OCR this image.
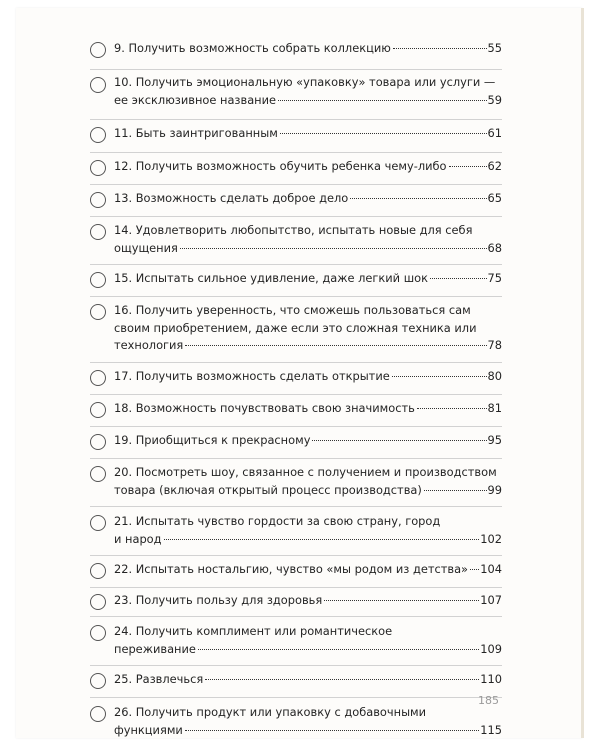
9. Получить возможность собрать коллекцию	55
10. Получить эмоциональную «упаковку» товара или услуги —
ее эксклюзивное название	59
11. Быть заинтригованным	61
12. Получить возможность обучить ребенка чему-либо	62
13. Возможность сделать доброе дело	65
14. Удовлетворить любопытство, испытать новые для себя
ощущения	68
15. Испытать сильное удивление, даже легкий шок	75
16. Получить уверенность, что сможешь пользоваться сам
своим приобретением, даже если это сложная техника или
технология	78
17. Получить возможность сделать открытие	80
18. Возможность почувствовать свою значимость	81
19. Приобщиться к прекрасному	95
20. Посмотреть шоу, связанное с получением и производством
товара (включая открытый процесс производства)	99
21. Испытать чувство гордости за свою страну, город
и народ	102
22. Испытать ностальгию, чувство «мы родом из детства» 104
23. Получить пользу для здоровья	107
24. Получить комплимент или романтическое
переживание	109
25. Развлечься	110
26. Получить продукт или упаковку с добавочными
функциями	115
185
